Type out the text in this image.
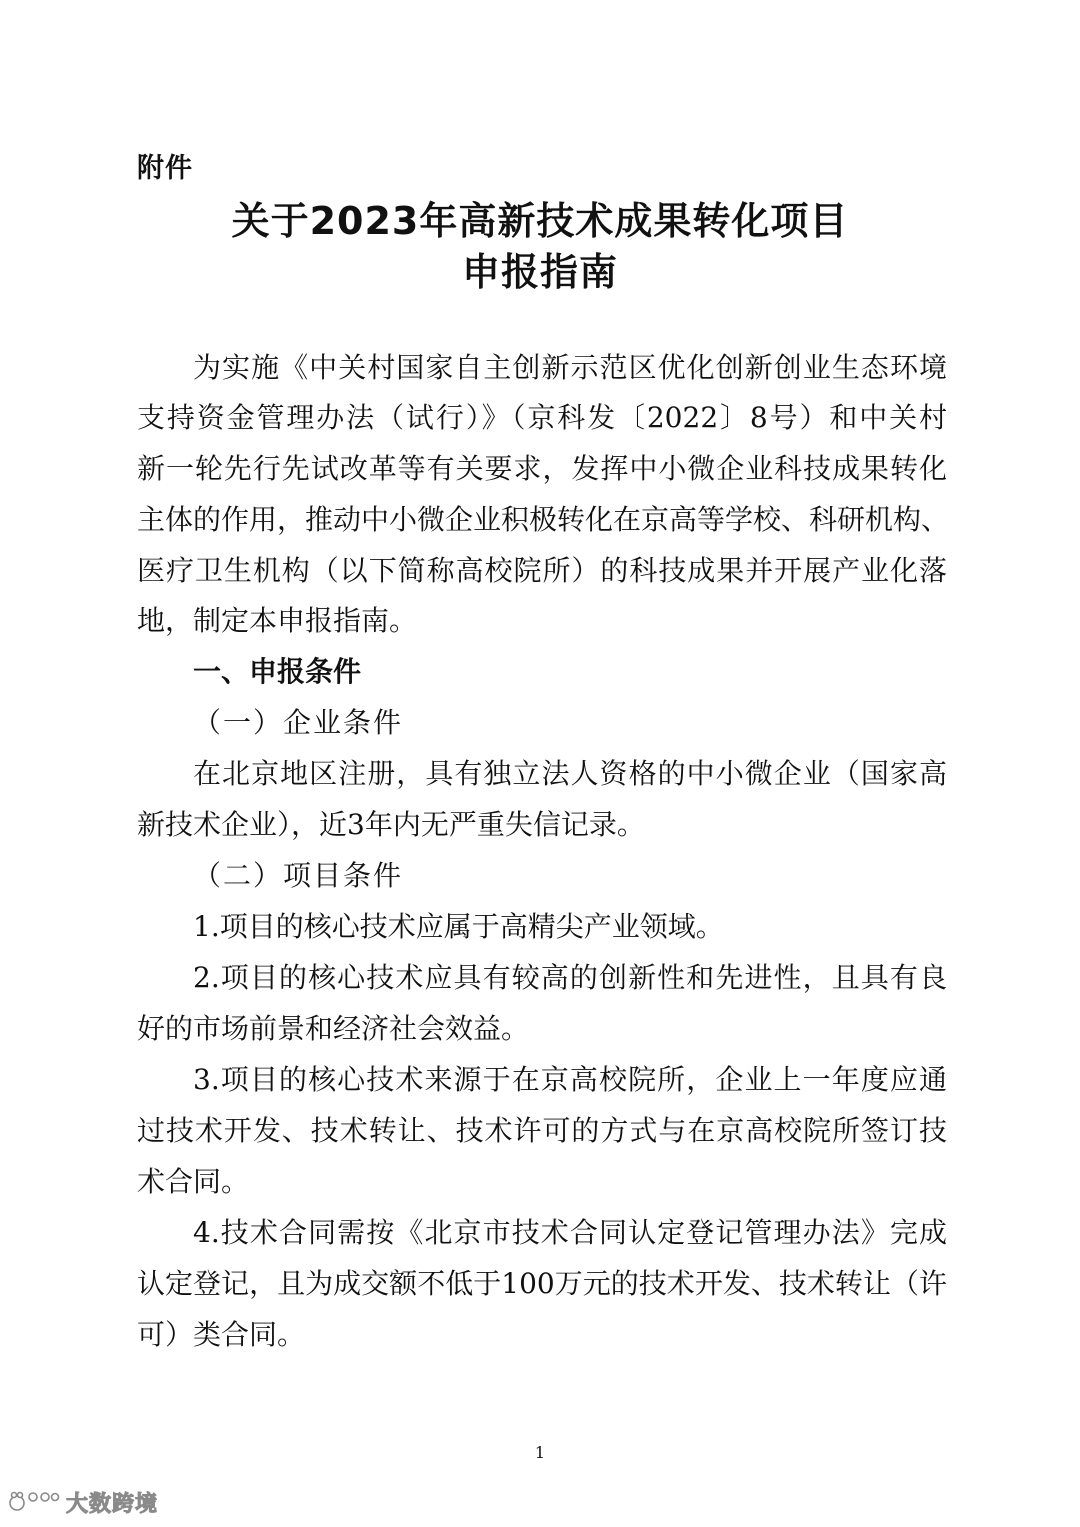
附件
关于2023年高新技术成果转化项目
申报指南
为实施《中关村国家自主创新示范区优化创新创业生态环境
支持资金管理办法（试行）》（京科发〔2022〕8号）和中关村
新一轮先行先试改革等有关要求，发挥中小微企业科技成果转化
主体的作用，推动中小微企业积极转化在京高等学校、科研机构、
医疗卫生机构（以下简称高校院所）的科技成果并开展产业化落
地，制定本申报指南。
一、申报条件
（一）企业条件
在北京地区注册，具有独立法人资格的中小微企业（国家高
新技术企业），近3年内无严重失信记录。
（二）项目条件
1.项目的核心技术应属于高精尖产业领域。
2.项目的核心技术应具有较高的创新性和先进性，且具有良
好的市场前景和经济社会效益。
3.项目的核心技术来源于在京高校院所，企业上一年度应通
过技术开发、技术转让、技术许可的方式与在京高校院所签订技
术合同。
4.技术合同需按《北京市技术合同认定登记管理办法》完成
认定登记，且为成交额不低于100万元的技术开发、技术转让（许
可）类合同。
1
大数跨境
